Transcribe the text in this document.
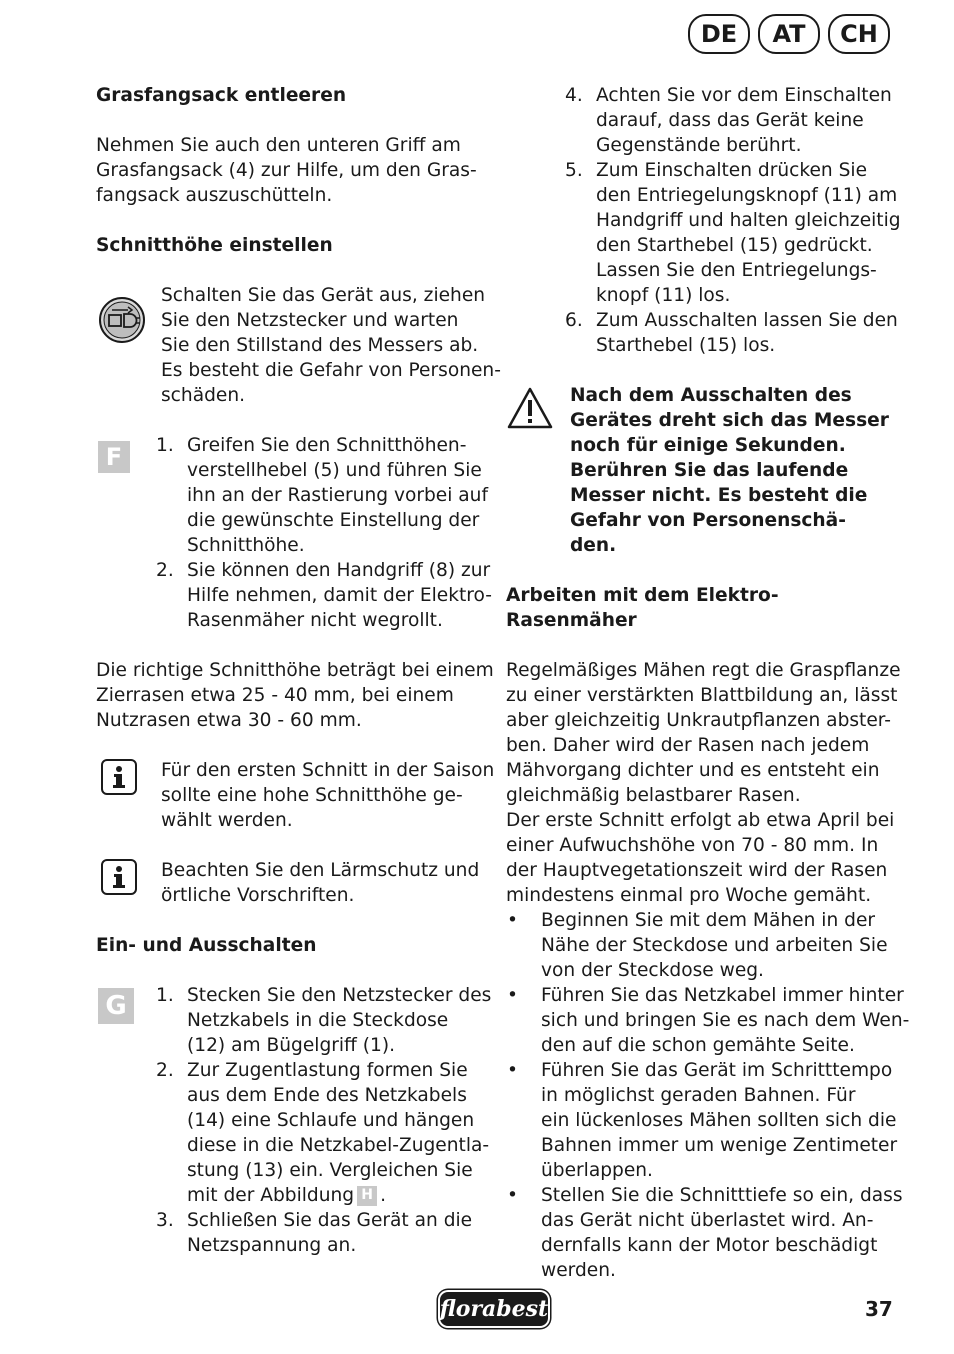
DE	AT	CH

Grasfangsack entleeren

Nehmen Sie auch den unteren Griff am
Grasfangsack (4) zur Hilfe, um den Gras-
fangsack auszuschütteln.

Schnitthöhe einstellen

Schalten Sie das Gerät aus, ziehen
Sie den Netzstecker und warten
Sie den Stillstand des Messers ab.
Es besteht die Gefahr von Personen-
schäden.

F	1. Greifen Sie den Schnitthöhen-
verstellhebel (5) und führen Sie
ihn an der Rastierung vorbei auf
die gewünschte Einstellung der
Schnitthöhe.
2. Sie können den Handgriff (8) zur
Hilfe nehmen, damit der Elektro-
Rasenmäher nicht wegrollt.

Die richtige Schnitthöhe beträgt bei einem
Zierrasen etwa 25 - 40 mm, bei einem
Nutzrasen etwa 30 - 60 mm.

Für den ersten Schnitt in der Saison
sollte eine hohe Schnitthöhe ge-
wählt werden.

Beachten Sie den Lärmschutz und
örtliche Vorschriften.

Ein- und Ausschalten

G	1. Stecken Sie den Netzstecker des
Netzkabels in die Steckdose
(12) am Bügelgriff (1).
2. Zur Zugentlastung formen Sie
aus dem Ende des Netzkabels
(14) eine Schlaufe und hängen
diese in die Netzkabel-Zugentla-
stung (13) ein. Vergleichen Sie
mit der Abbildung H .
3. Schließen Sie das Gerät an die
Netzspannung an.
4. Achten Sie vor dem Einschalten
darauf, dass das Gerät keine
Gegenstände berührt.
5. Zum Einschalten drücken Sie
den Entriegelungsknopf (11) am
Handgriff und halten gleichzeitig
den Starthebel (15) gedrückt.
Lassen Sie den Entriegelungs-
knopf (11) los.
6. Zum Ausschalten lassen Sie den
Starthebel (15) los.

Nach dem Ausschalten des
Gerätes dreht sich das Messer
noch für einige Sekunden.
Berühren Sie das laufende
Messer nicht. Es besteht die
Gefahr von Personenschä-
den.

Arbeiten mit dem Elektro-
Rasenmäher

Regelmäßiges Mähen regt die Graspflanze
zu einer verstärkten Blattbildung an, lässt
aber gleichzeitig Unkrautpflanzen abster-
ben. Daher wird der Rasen nach jedem
Mähvorgang dichter und es entsteht ein
gleichmäßig belastbarer Rasen.
Der erste Schnitt erfolgt ab etwa April bei
einer Aufwuchshöhe von 70 - 80 mm. In
der Hauptvegetationszeit wird der Rasen
mindestens einmal pro Woche gemäht.

• Beginnen Sie mit dem Mähen in der
Nähe der Steckdose und arbeiten Sie
von der Steckdose weg.
• Führen Sie das Netzkabel immer hinter
sich und bringen Sie es nach dem Wen-
den auf die schon gemähte Seite.
• Führen Sie das Gerät im Schritttempo
in möglichst geraden Bahnen. Für
ein lückenloses Mähen sollten sich die
Bahnen immer um wenige Zentimeter
überlappen.
• Stellen Sie die Schnitttiefe so ein, dass
das Gerät nicht überlastet wird. An-
dernfalls kann der Motor beschädigt
werden.
florabest	37
